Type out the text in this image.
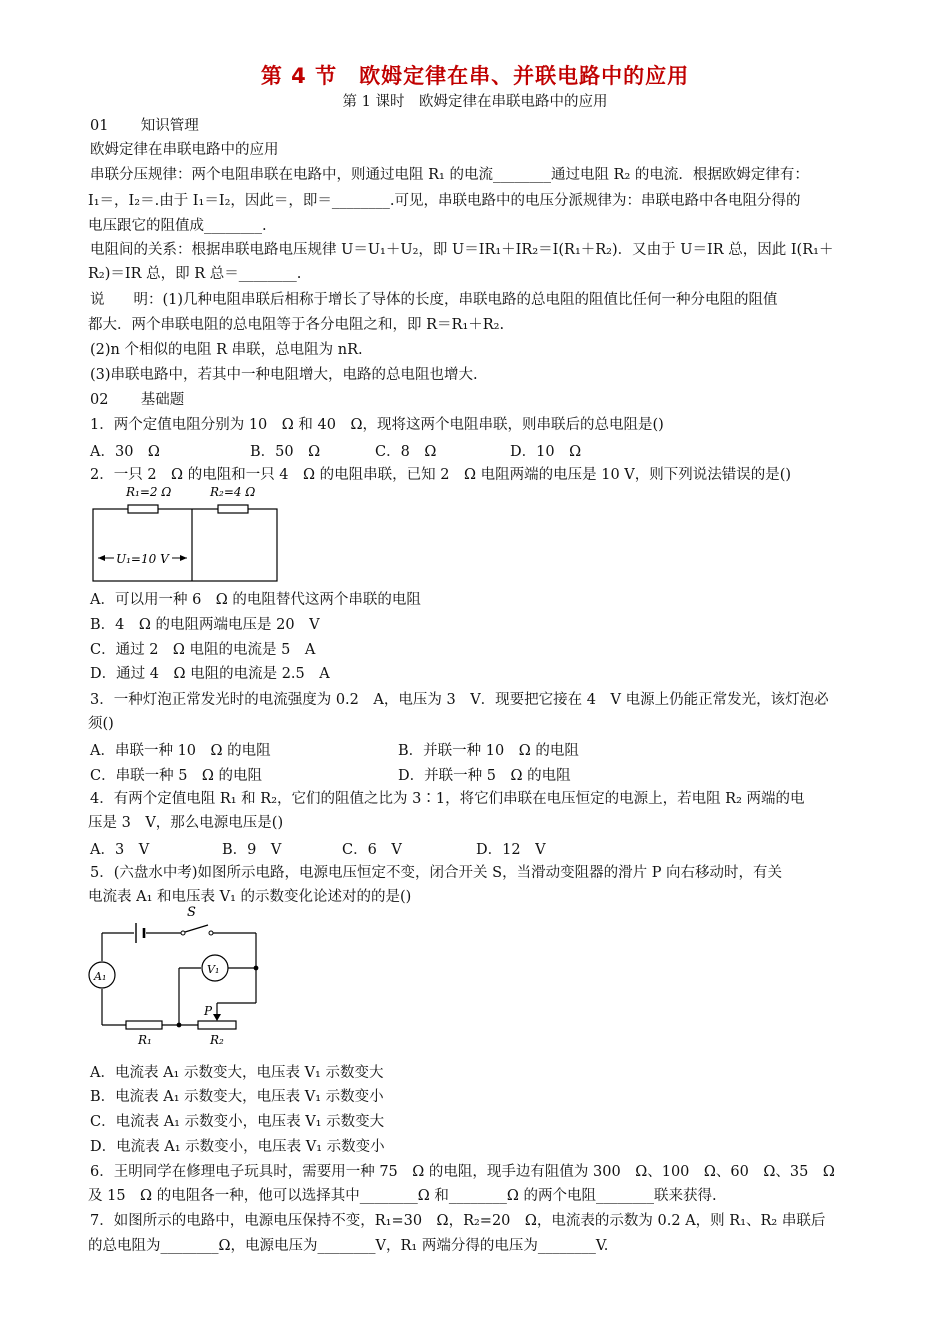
第 4 节　欧姆定律在串、并联电路中的应用
第 1 课时　欧姆定律在串联电路中的应用
01 知识管理
欧姆定律在串联电路中的应用
串联分压规律：两个电阻串联在电路中，则通过电阻 R₁ 的电流________通过电阻 R₂ 的电流．根据欧姆定律有：
I₁＝，I₂＝.由于 I₁＝I₂，因此＝，即＝________.可见，串联电路中的电压分派规律为：串联电路中各电阻分得的
电压跟它的阻值成________.
电阻间的关系：根据串联电路电压规律 U＝U₁＋U₂，即 U＝IR₁＋IR₂＝I(R₁＋R₂)．又由于 U＝IR 总，因此 I(R₁＋
R₂)＝IR 总，即 R 总＝________.
说　　明：(1)几种电阻串联后相称于增长了导体的长度，串联电路的总电阻的阻值比任何一种分电阻的阻值
都大．两个串联电阻的总电阻等于各分电阻之和，即 R＝R₁＋R₂.
(2)n 个相似的电阻 R 串联，总电阻为 nR.
(3)串联电路中，若其中一种电阻增大，电路的总电阻也增大.
02 基础题
1．两个定值电阻分别为 10　Ω 和 40　Ω，现将这两个电阻串联，则串联后的总电阻是()
A．30　Ω	B．50　Ω	C．8　Ω	D．10　Ω
2．一只 2　Ω 的电阻和一只 4　Ω 的电阻串联，已知 2　Ω 电阻两端的电压是 10 V，则下列说法错误的是()
R₁=2 Ω	R₂=4 Ω
U₁=10 V
A．可以用一种 6　Ω 的电阻替代这两个串联的电阻
B．4　Ω 的电阻两端电压是 20　V
C．通过 2　Ω 电阻的电流是 5　A
D．通过 4　Ω 电阻的电流是 2.5　A
3．一种灯泡正常发光时的电流强度为 0.2　A，电压为 3　V．现要把它接在 4　V 电源上仍能正常发光，该灯泡必
须()
A．串联一种 10　Ω 的电阻	B．并联一种 10　Ω 的电阻
C．串联一种 5　Ω 的电阻	D．并联一种 5　Ω 的电阻
4．有两个定值电阻 R₁ 和 R₂，它们的阻值之比为 3∶1，将它们串联在电压恒定的电源上，若电阻 R₂ 两端的电
压是 3　V，那么电源电压是()
A．3　V	B．9　V	C．6　V	D．12　V
5．(六盘水中考)如图所示电路，电源电压恒定不变，闭合开关 S，当滑动变阻器的滑片 P 向右移动时，有关
电流表 A₁ 和电压表 V₁ 的示数变化论述对的的是()
S
A₁
P
V₁
R₁	R₂
A．电流表 A₁ 示数变大，电压表 V₁ 示数变大
B．电流表 A₁ 示数变大，电压表 V₁ 示数变小
C．电流表 A₁ 示数变小，电压表 V₁ 示数变大
D．电流表 A₁ 示数变小，电压表 V₁ 示数变小
6．王明同学在修理电子玩具时，需要用一种 75　Ω 的电阻，现手边有阻值为 300　Ω、100　Ω、60　Ω、35　Ω
及 15　Ω 的电阻各一种，他可以选择其中________Ω 和________Ω 的两个电阻________联来获得.
7．如图所示的电路中，电源电压保持不变，R₁=30　Ω，R₂=20　Ω，电流表的示数为 0.2 A，则 R₁、R₂ 串联后
的总电阻为________Ω，电源电压为________V，R₁ 两端分得的电压为________V.
